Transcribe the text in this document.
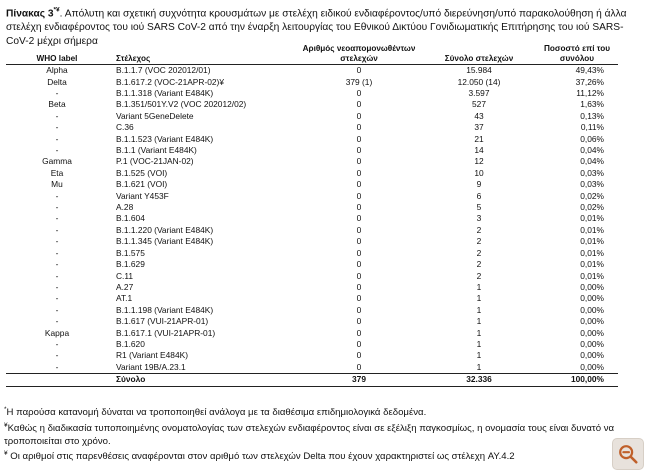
Πίνακας 3*¥. Απόλυτη και σχετική συχνότητα κρουσμάτων με στελέχη ειδικού ενδιαφέροντος/υπό διερεύνηση/υπό παρακολούθηση ή άλλα στελέχη ενδιαφέροντος του ιού SARS CoV-2 από την έναρξη λειτουργίας του Εθνικού Δικτύου Γονιδιωματικής Επιτήρησης του ιού SARS-CoV-2 μέχρι σήμερα
WHO label	Στέλεχος	Αριθμός νεοαπομονωθέντων στελεχών	Σύνολο στελεχών	Ποσοστό επί του συνόλου
Alpha	B.1.1.7 (VOC 202012/01)	0	15.984	49,43%
Delta	B.1.617.2 (VOC-21APR-02)¥	379 (1)	12.050 (14)	37,26%
-	B.1.1.318 (Variant E484K)	0	3.597	11,12%
Beta	B.1.351/501Y.V2 (VOC 202012/02)	0	527	1,63%
-	Variant 5GeneDelete	0	43	0,13%
-	C.36	0	37	0,11%
-	B.1.1.523 (Variant E484K)	0	21	0,06%
-	B.1.1 (Variant E484K)	0	14	0,04%
Gamma	P.1 (VOC-21JAN-02)	0	12	0,04%
Eta	B.1.525 (VOI)	0	10	0,03%
Mu	B.1.621 (VOI)	0	9	0,03%
-	Variant Y453F	0	6	0,02%
-	A.28	0	5	0,02%
-	B.1.604	0	3	0,01%
-	B.1.1.220 (Variant E484K)	0	2	0,01%
-	B.1.1.345 (Variant E484K)	0	2	0,01%
-	B.1.575	0	2	0,01%
-	B.1.629	0	2	0,01%
-	C.11	0	2	0,01%
-	A.27	0	1	0,00%
-	AT.1	0	1	0,00%
-	B.1.1.198 (Variant E484K)	0	1	0,00%
-	B.1.617 (VUI-21APR-01)	0	1	0,00%
Kappa	B.1.617.1 (VUI-21APR-01)	0	1	0,00%
-	B.1.620	0	1	0,00%
-	R1 (Variant E484K)	0	1	0,00%
-	Variant 19B/A.23.1	0	1	0,00%
	Σύνολο	379	32.336	100,00%

*Η παρούσα κατανομή δύναται να τροποποιηθεί ανάλογα με τα διαθέσιμα επιδημιολογικά δεδομένα.

¥Καθώς η διαδικασία τυποποιημένης ονοματολογίας των στελεχών ενδιαφέροντος είναι σε εξέλιξη παγκοσμίως, η ονομασία τους είναι δυνατό να τροποποιείται στο χρόνο.

¥ Οι αριθμοί στις παρενθέσεις αναφέρονται στον αριθμό των στελεχών Delta που έχουν χαρακτηριστεί ως στέλεχη AY.4.2
